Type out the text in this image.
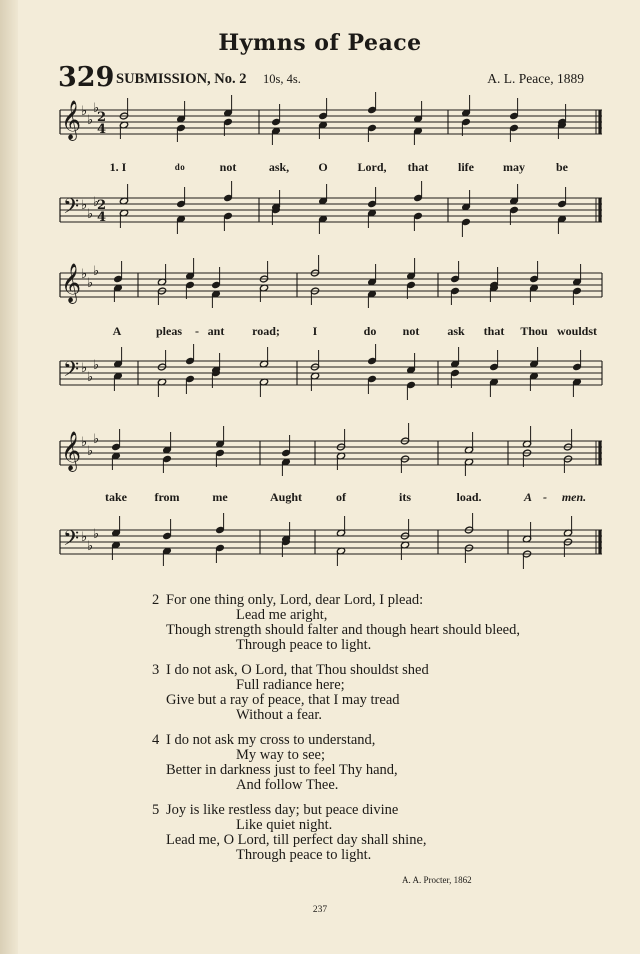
Hymns of Peace
329 SUBMISSION, No. 2 10s, 4s.	A. L. Peace, 1889
𝄞
𝄢
♭
♭
♭
♭
♭
♭
2
4
2
4
𝄞
𝄢
♭
♭
♭
♭
♭
♭
𝄞
𝄢
♭
♭
♭
♭
♭
♭
1. I	do	not	ask, O Lord, that life may	be
A	pleas - ant road;	I	do not ask that Thou wouldst
take from	me	Aught	of	its	load.	A - men.
2 For one thing only, Lord, dear Lord, I plead:
Lead me aright,
Though strength should falter and though heart should bleed,
Through peace to light.
3 I do not ask, O Lord, that Thou shouldst shed
Full radiance here;
Give but a ray of peace, that I may tread
Without a fear.
4 I do not ask my cross to understand,
My way to see;
Better in darkness just to feel Thy hand,
And follow Thee.
5 Joy is like restless day; but peace divine
Like quiet night.
Lead me, O Lord, till perfect day shall shine,
Through peace to light.
A. A. Procter, 1862
237
